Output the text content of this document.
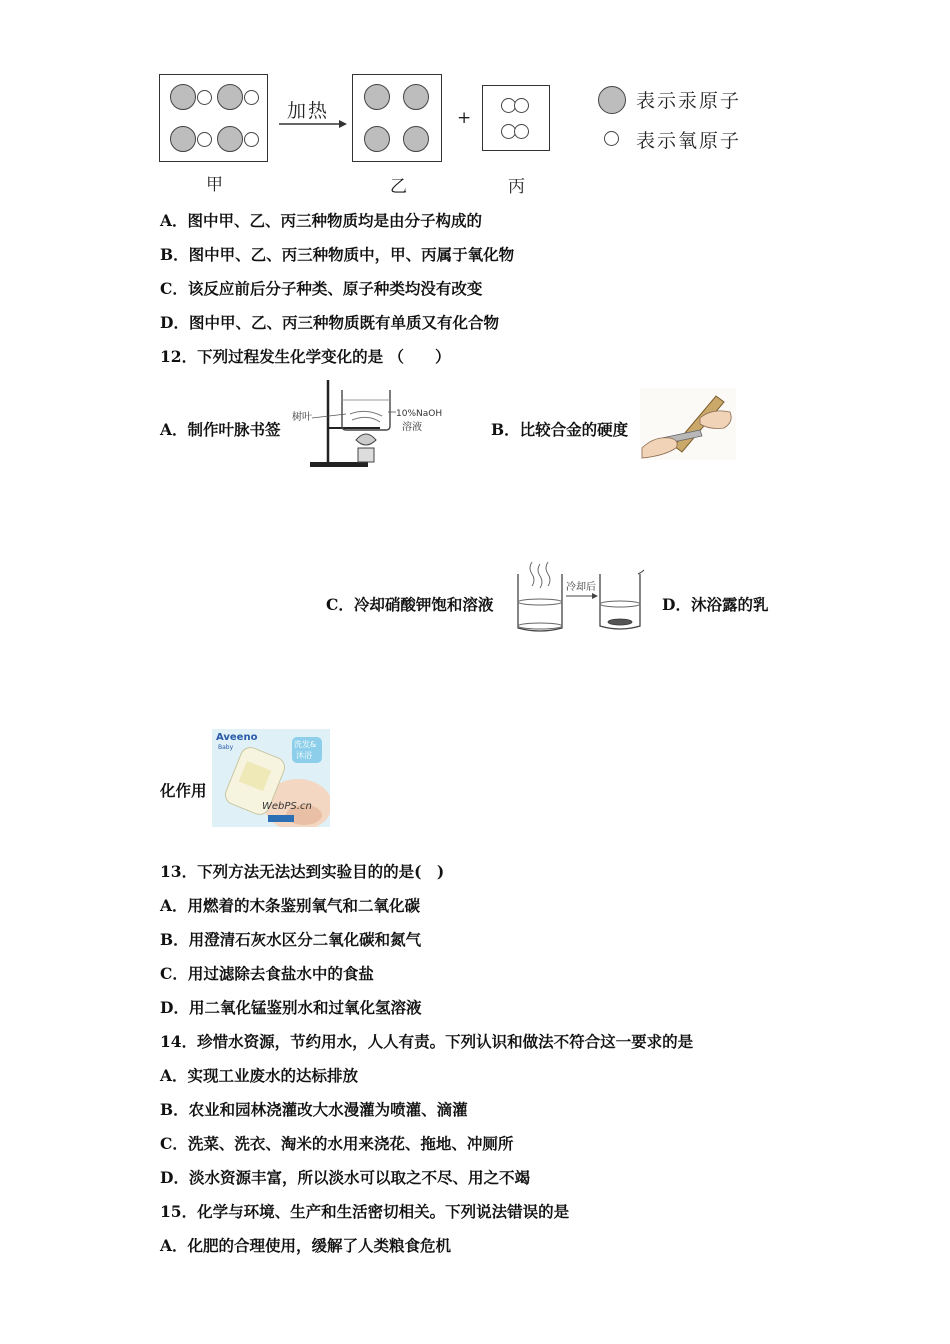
加热	+
表示汞原子
表示氧原子
甲	乙	丙
A．图中甲、乙、丙三种物质均是由分子构成的
B．图中甲、乙、丙三种物质中，甲、丙属于氧化物
C．该反应前后分子种类、原子种类均没有改变
D．图中甲、乙、丙三种物质既有单质又有化合物
12．下列过程发生化学变化的是 （　　）
A．制作叶脉书签
树叶	10%NaOH
溶液	B．比较合金的硬度
C．冷却硝酸钾饱和溶液
冷却后
D．沐浴露的乳
化作用
Aveeno
Baby	洗发&
沐浴
WebPS.cn
13．下列方法无法达到实验目的的是(　)
A．用燃着的木条鉴别氧气和二氧化碳
B．用澄清石灰水区分二氧化碳和氮气
C．用过滤除去食盐水中的食盐
D．用二氧化锰鉴别水和过氧化氢溶液
14．珍惜水资源，节约用水，人人有责。下列认识和做法不符合这一要求的是
A．实现工业废水的达标排放
B．农业和园林浇灌改大水漫灌为喷灌、滴灌
C．洗菜、洗衣、淘米的水用来浇花、拖地、冲厕所
D．淡水资源丰富，所以淡水可以取之不尽、用之不竭
15．化学与环境、生产和生活密切相关。下列说法错误的是
A．化肥的合理使用，缓解了人类粮食危机
